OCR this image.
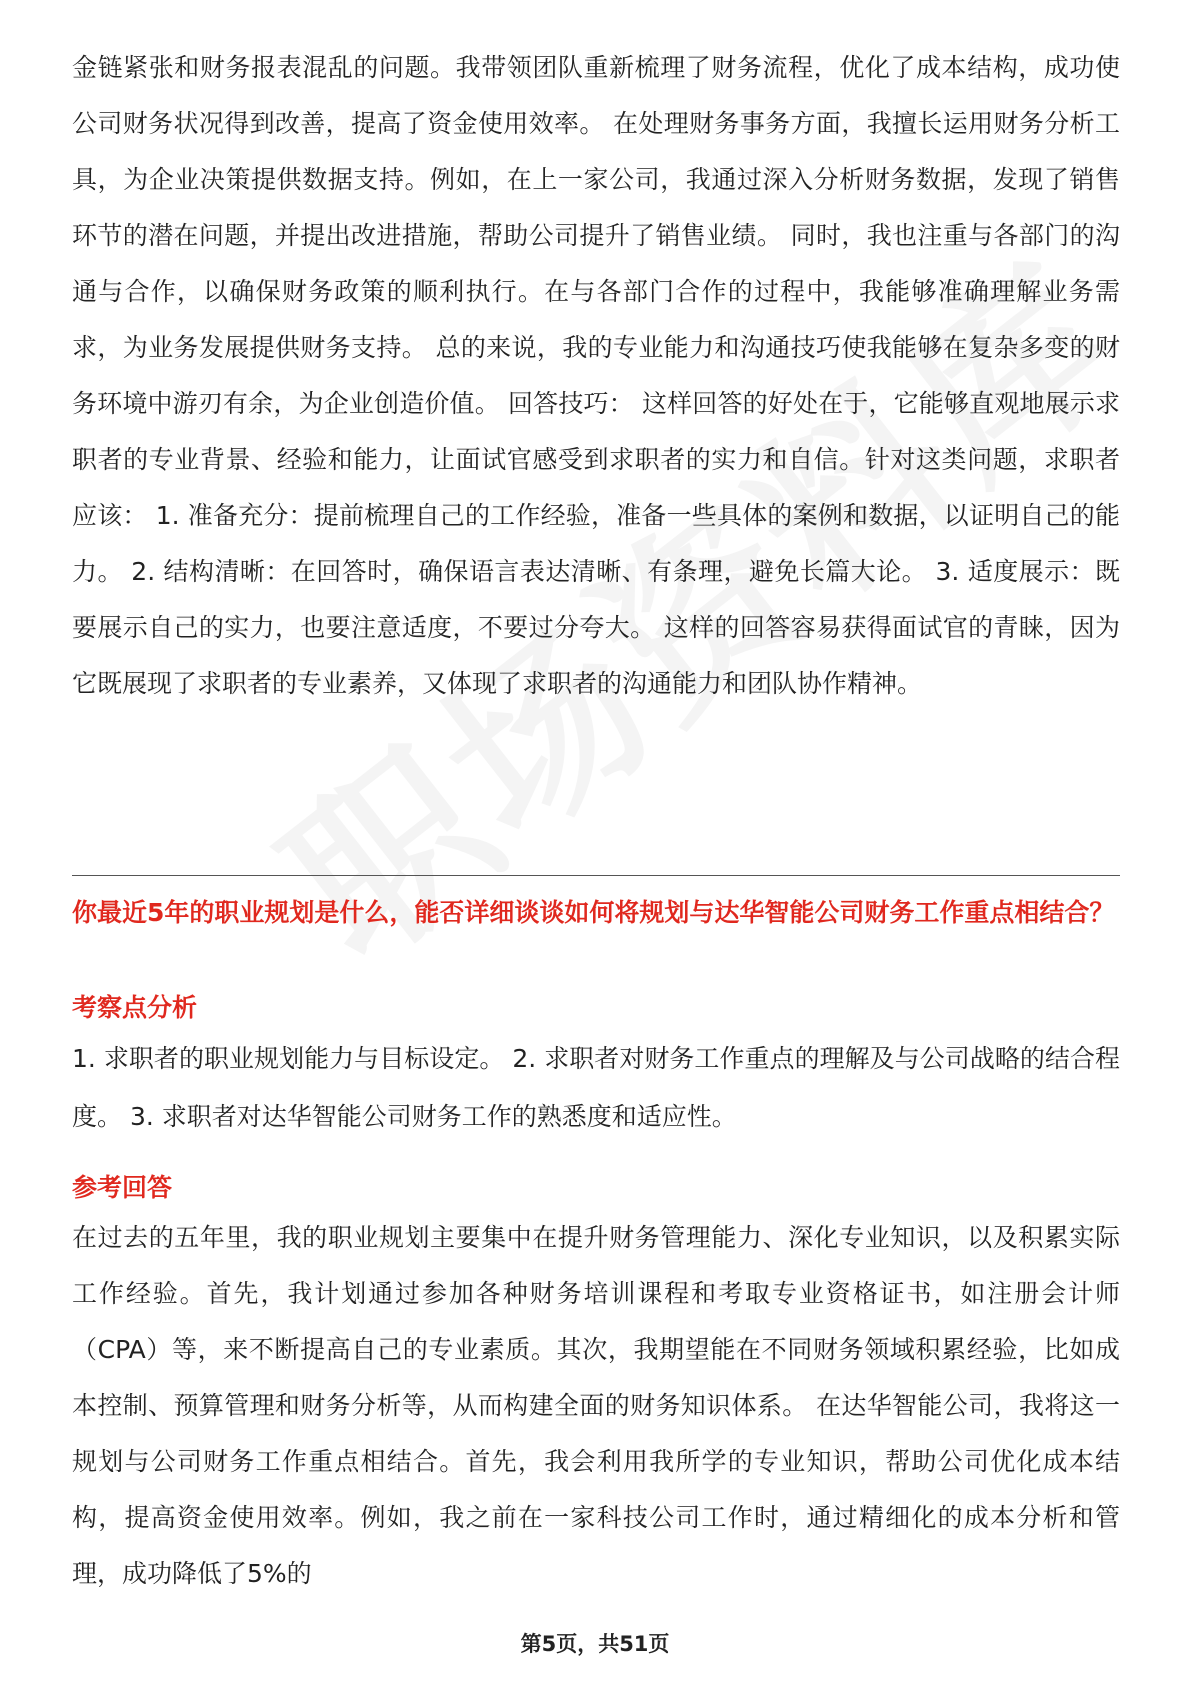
金链紧张和财务报表混乱的问题。我带领团队重新梳理了财务流程，优化了成本结构，成功使公司财务状况得到改善，提高了资金使用效率。 在处理财务事务方面，我擅长运用财务分析工具，为企业决策提供数据支持。例如，在上一家公司，我通过深入分析财务数据，发现了销售环节的潜在问题，并提出改进措施，帮助公司提升了销售业绩。 同时，我也注重与各部门的沟通与合作，以确保财务政策的顺利执行。在与各部门合作的过程中，我能够准确理解业务需求，为业务发展提供财务支持。 总的来说，我的专业能力和沟通技巧使我能够在复杂多变的财务环境中游刃有余，为企业创造价值。 回答技巧： 这样回答的好处在于，它能够直观地展示求职者的专业背景、经验和能力，让面试官感受到求职者的实力和自信。针对这类问题，求职者应该： 1. 准备充分：提前梳理自己的工作经验，准备一些具体的案例和数据，以证明自己的能力。 2. 结构清晰：在回答时，确保语言表达清晰、有条理，避免长篇大论。 3. 适度展示：既要展示自己的实力，也要注意适度，不要过分夸大。 这样的回答容易获得面试官的青睐，因为它既展现了求职者的专业素养，又体现了求职者的沟通能力和团队协作精神。

你最近5年的职业规划是什么，能否详细谈谈如何将规划与达华智能公司财务工作重点相结合？

考察点分析

1. 求职者的职业规划能力与目标设定。 2. 求职者对财务工作重点的理解及与公司战略的结合程度。 3. 求职者对达华智能公司财务工作的熟悉度和适应性。

参考回答

在过去的五年里，我的职业规划主要集中在提升财务管理能力、深化专业知识，以及积累实际工作经验。首先，我计划通过参加各种财务培训课程和考取专业资格证书，如注册会计师（CPA）等，来不断提高自己的专业素质。其次，我期望能在不同财务领域积累经验，比如成本控制、预算管理和财务分析等，从而构建全面的财务知识体系。 在达华智能公司，我将这一规划与公司财务工作重点相结合。首先，我会利用我所学的专业知识，帮助公司优化成本结构，提高资金使用效率。例如，我之前在一家科技公司工作时，通过精细化的成本分析和管理，成功降低了5%的

第5页，共51页
